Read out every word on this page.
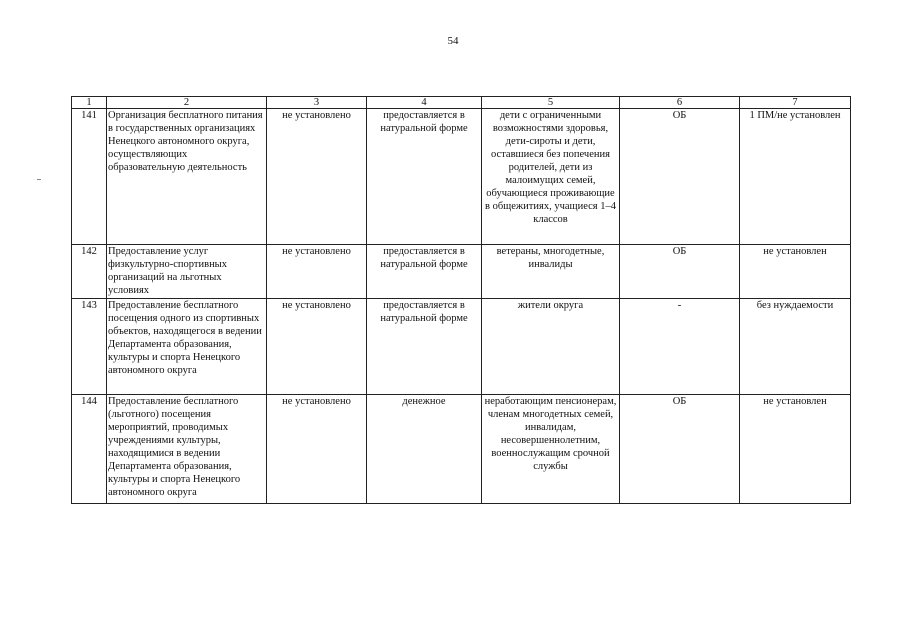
54
1	2	3	4	5	6	7
141	Организация бесплатного питания в государственных организациях Ненецкого автономного округа, осуществляющих образовательную деятельность	не установлено	предоставляется в натуральной форме	дети с ограниченными возможностями здоровья, дети-сироты и дети, оставшиеся без попечения родителей, дети из малоимущих семей, обучающиеся проживающие в общежитиях, учащиеся 1–4 классов	ОБ	1 ПМ/не установлен
142	Предоставление услуг физкультурно-спортивных организаций на льготных условиях	не установлено	предоставляется в натуральной форме	ветераны, многодетные, инвалиды	ОБ	не установлен
143	Предоставление бесплатного посещения одного из спортивных объектов, находящегося в ведении Департамента образования, культуры и спорта Ненецкого автономного округа	не установлено	предоставляется в натуральной форме	жители округа	-	без нуждаемости
144	Предоставление бесплатного (льготного) посещения мероприятий, проводимых учреждениями культуры, находящимися в ведении Департамента образования, культуры и спорта Ненецкого автономного округа	не установлено	денежное	неработающим пенсионерам, членам многодетных семей, инвалидам, несовершеннолетним, военнослужащим срочной службы	ОБ	не установлен
